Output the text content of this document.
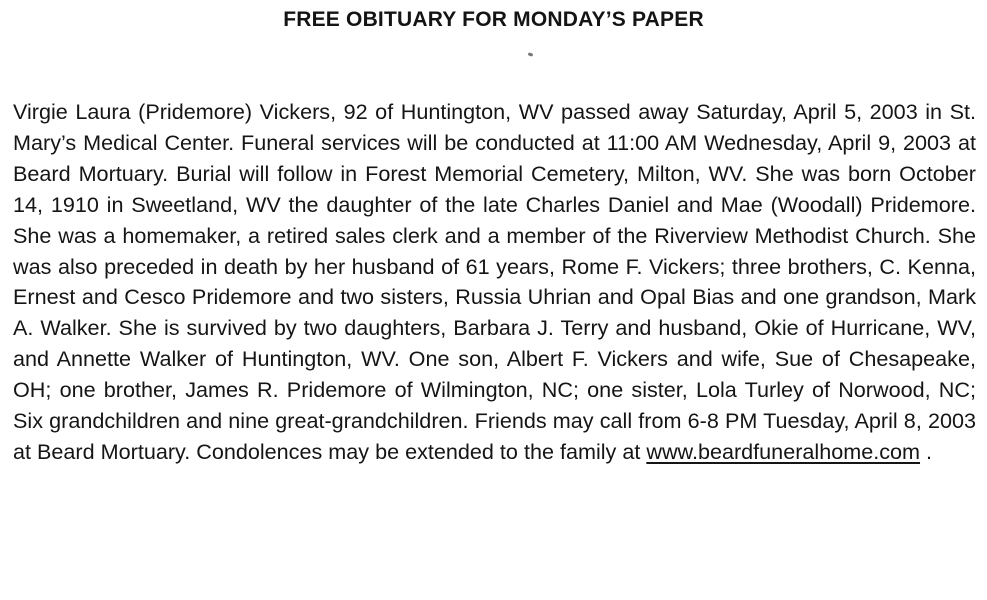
FREE OBITUARY FOR MONDAY’S PAPER
Virgie Laura (Pridemore) Vickers, 92 of Huntington, WV passed away Saturday, April 5, 2003 in St. Mary’s Medical Center. Funeral services will be conducted at 11:00 AM Wednesday, April 9, 2003 at Beard Mortuary. Burial will follow in Forest Memorial Cemetery, Milton, WV. She was born October 14, 1910 in Sweetland, WV the daughter of the late Charles Daniel and Mae (Woodall) Pridemore. She was a homemaker, a retired sales clerk and a member of the Riverview Methodist Church. She was also preceded in death by her husband of 61 years, Rome F. Vickers; three brothers, C. Kenna, Ernest and Cesco Pridemore and two sisters, Russia Uhrian and Opal Bias and one grandson, Mark A. Walker. She is survived by two daughters, Barbara J. Terry and husband, Okie of Hurricane, WV, and Annette Walker of Huntington, WV. One son, Albert F. Vickers and wife, Sue of Chesapeake, OH; one brother, James R. Pridemore of Wilmington, NC; one sister, Lola Turley of Norwood, NC; Six grandchildren and nine great-grandchildren. Friends may call from 6-8 PM Tuesday, April 8, 2003 at Beard Mortuary. Condolences may be extended to the family at www.beardfuneralhome.com .
